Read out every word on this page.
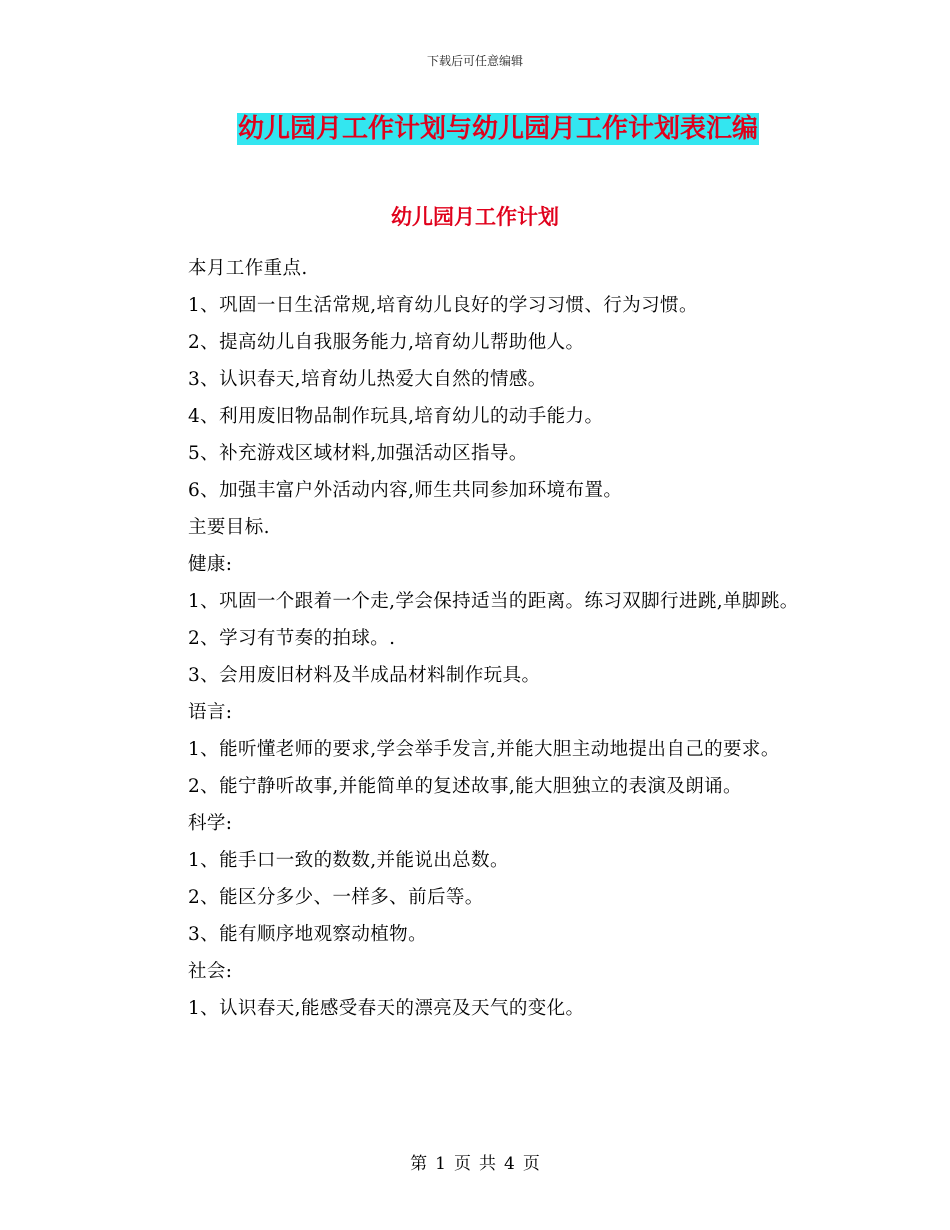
下载后可任意编辑
幼儿园月工作计划与幼儿园月工作计划表汇编
幼儿园月工作计划

本月工作重点.

1、巩固一日生活常规,培育幼儿良好的学习习惯、行为习惯。

2、提高幼儿自我服务能力,培育幼儿帮助他人。

3、认识春天,培育幼儿热爱大自然的情感。

4、利用废旧物品制作玩具,培育幼儿的动手能力。

5、补充游戏区域材料,加强活动区指导。

6、加强丰富户外活动内容,师生共同参加环境布置。

主要目标.

健康:

1、巩固一个跟着一个走,学会保持适当的距离。练习双脚行进跳,单脚跳。

2、学习有节奏的拍球。.

3、会用废旧材料及半成品材料制作玩具。

语言:

1、能听懂老师的要求,学会举手发言,并能大胆主动地提出自己的要求。

2、能宁静听故事,并能简单的复述故事,能大胆独立的表演及朗诵。

科学:

1、能手口一致的数数,并能说出总数。

2、能区分多少、一样多、前后等。

3、能有顺序地观察动植物。

社会:

1、认识春天,能感受春天的漂亮及天气的变化。

第 1 页 共 4 页
